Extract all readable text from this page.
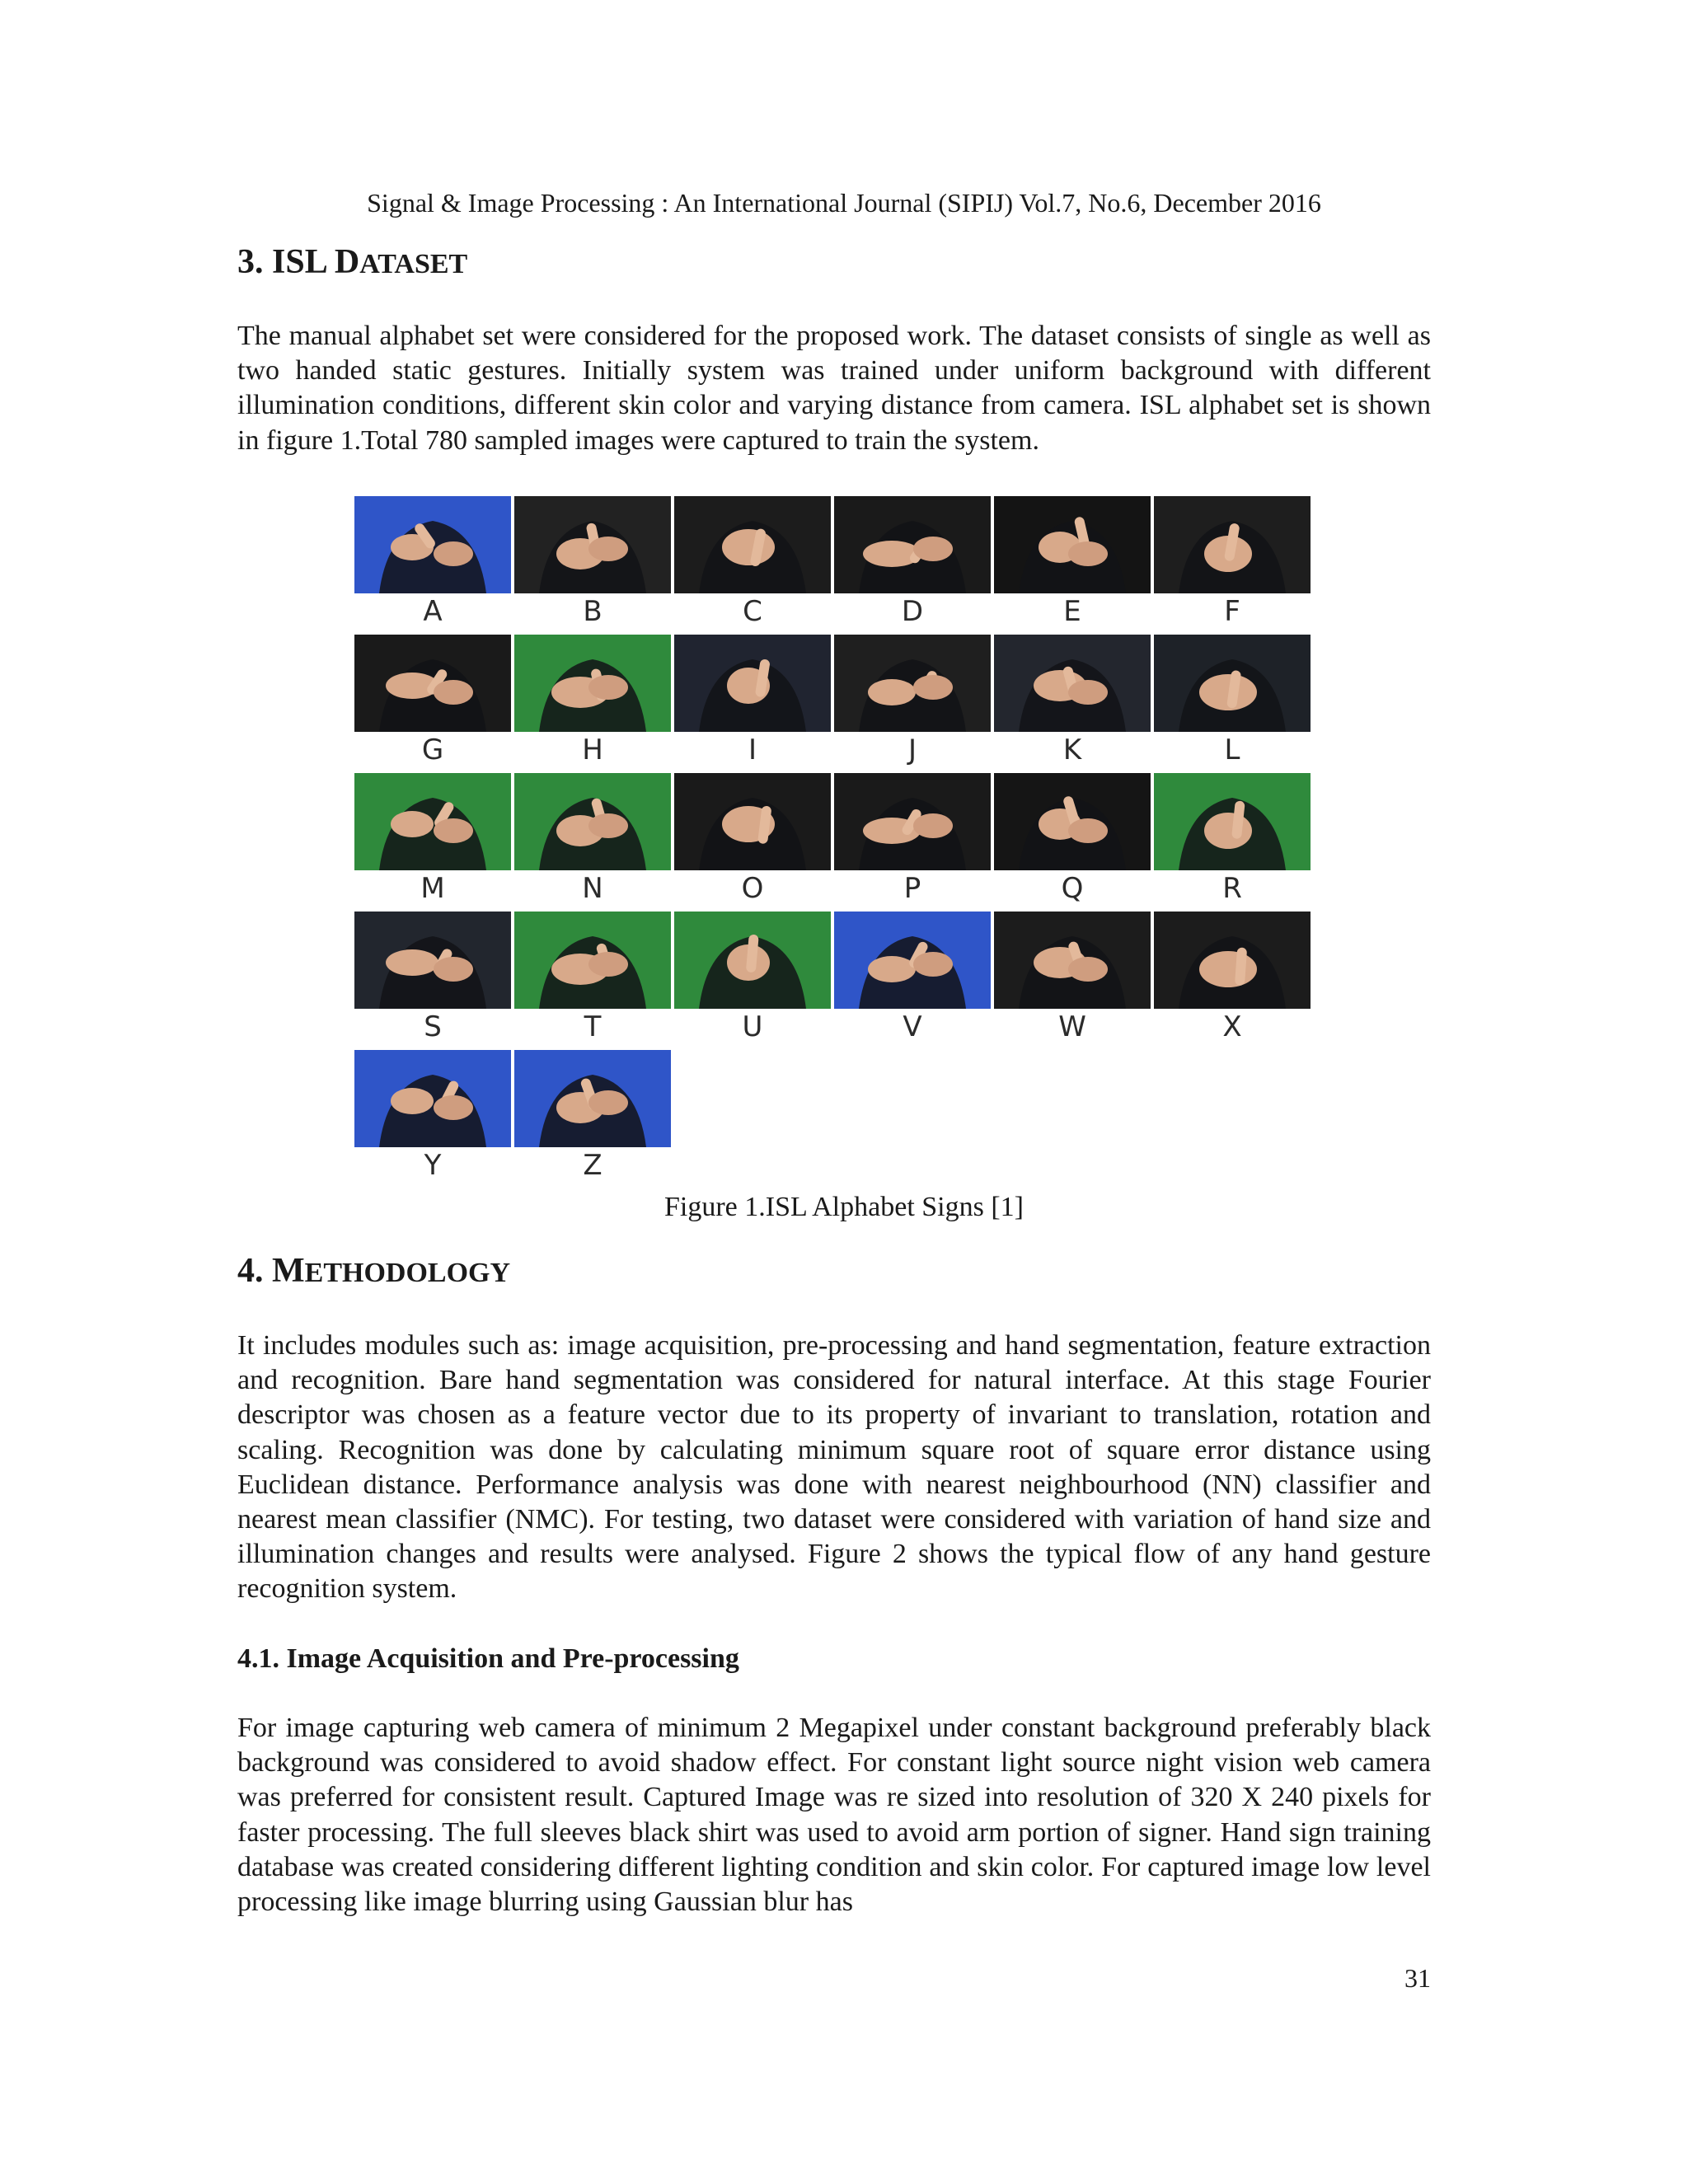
Signal & Image Processing : An International Journal (SIPIJ) Vol.7, No.6, December 2016
3. ISL DATASET

The manual alphabet set were considered for the proposed work. The dataset consists of single as well as two handed static gestures. Initially system was trained under uniform background with different illumination conditions, different skin color and varying distance from camera. ISL alphabet set is shown in figure 1.Total 780 sampled images were captured to train the system.

A	B	C	D	E	F
G	H	I	J	K	L
M	N	O	P	Q	R
S	T	U	V	W	X
Y	Z
Figure 1.ISL Alphabet Signs [1]
4. METHODOLOGY

It includes modules such as: image acquisition, pre-processing and hand segmentation, feature extraction and recognition. Bare hand segmentation was considered for natural interface. At this stage Fourier descriptor was chosen as a feature vector due to its property of invariant to translation, rotation and scaling. Recognition was done by calculating minimum square root of square error distance using Euclidean distance. Performance analysis was done with nearest neighbourhood (NN) classifier and nearest mean classifier (NMC). For testing, two dataset were considered with variation of hand size and illumination changes and results were analysed. Figure 2 shows the typical flow of any hand gesture recognition system.

4.1. Image Acquisition and Pre-processing

For image capturing web camera of minimum 2 Megapixel under constant background preferably black background was considered to avoid shadow effect. For constant light source night vision web camera was preferred for consistent result. Captured Image was re sized into resolution of 320 X 240 pixels for faster processing. The full sleeves black shirt was used to avoid arm portion of signer. Hand sign training database was created considering different lighting condition and skin color. For captured image low level processing like image blurring using Gaussian blur has

31
